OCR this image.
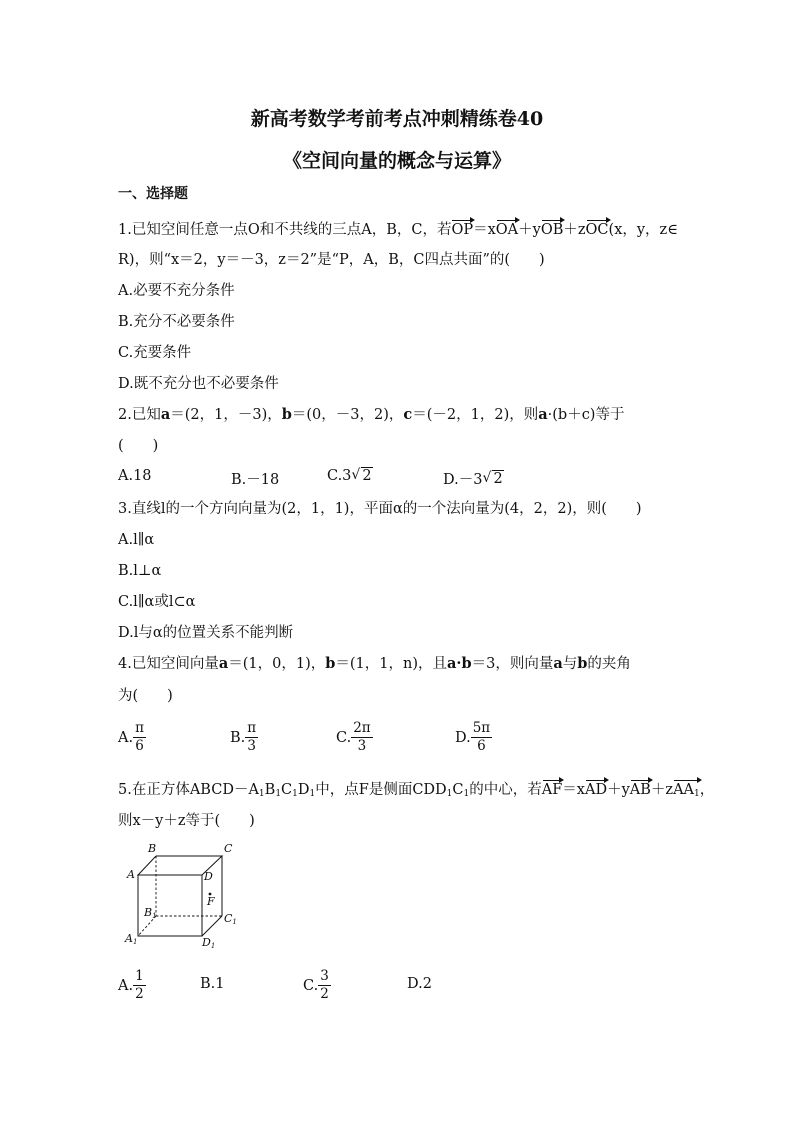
新高考数学考前考点冲刺精练卷40
《空间向量的概念与运算》
一、选择题
1.已知空间任意一点O和不共线的三点A，B，C，若OP＝xOA＋yOB＋zOC(x，y，z∈
R)，则“x＝2，y＝－3，z＝2”是“P，A，B，C四点共面”的(　　)
A.必要不充分条件
B.充分不必要条件
C.充要条件
D.既不充分也不必要条件
2.已知a＝(2，1，－3)，b＝(0，－3，2)，c＝(－2，1，2)，则a·(b＋c)等于
(　　)
A.18	B.－18	C.3 √ 2	D.－3 √ 2
3.直线l的一个方向向量为(2，1，1)，平面α的一个法向量为(4，2，2)，则(　　)
A.l∥α
B.l⊥α
C.l∥α或l⊂α
D.l与α的位置关系不能判断
4.已知空间向量a＝(1，0，1)，b＝(1，1，n)，且a·b＝3，则向量a与b的夹角
为(　　)
A. $\frac{\pi}{6}$	B. $\frac{\pi}{3}$	C. $\frac{2\pi}{3}$	D. $\frac{5\pi}{6}$
5.在正方体$ABCD-A_1B_1C_1D_1$中，点F是侧面$CDD_1C_1$的中心，若AF＝xAD＋yAB＋zAA$_1$，
则x－y＋z等于(　　)
B	C
A	D
F
B1	C1
A1	D1
A. $\frac{1}{2}$	B.1	C. $\frac{3}{2}$	D.2
